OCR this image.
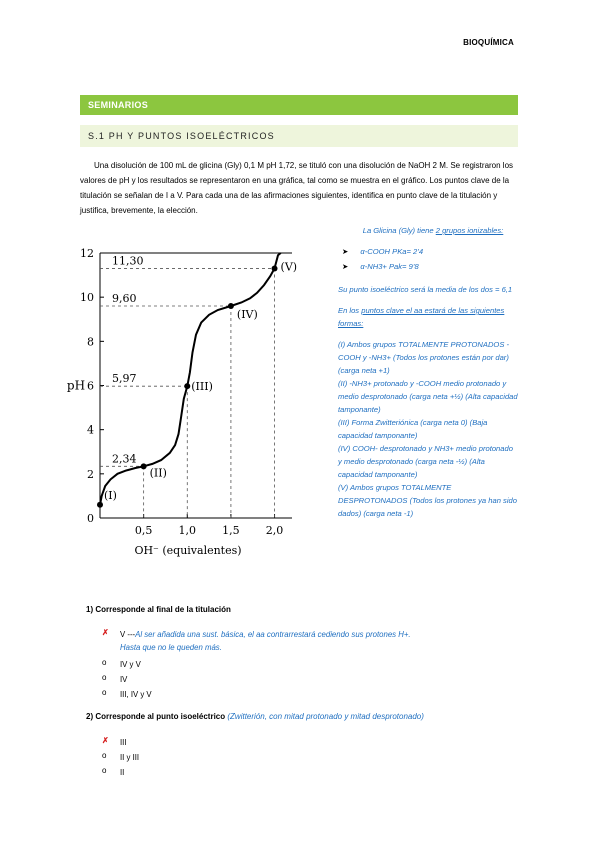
BIOQUÍMICA
SEMINARIOS
S.1 PH Y PUNTOS ISOELÉCTRICOS
Una disolución de 100 mL de glicina (Gly) 0,1 M pH 1,72, se tituló con una disolución de NaOH 2 M. Se registraron los valores de pH y los resultados se representaron en una gráfica, tal como se muestra en el gráfico. Los puntos clave de la titulación se señalan de I a V. Para cada una de las afirmaciones siguientes, identifica en punto clave de la titulación y justifica, brevemente, la elección.
0
2
4
6
8
10
12
0,5 1,0 1,5 2,0
pH
OH⁻ (equivalentes)
11,30
9,60
5,97
2,34
(I)
(II)
(III)
(IV)
(V)

La Glicina (Gly) tiene 2 grupos ionizables:

➤ α-COOH PKa= 2’4
➤ α-NH3+ Pak= 9’8

Su punto isoeléctrico será la media de los dos = 6,1

En los puntos clave el aa estará de las siguientes formas:

(I) Ambos grupos TOTALMENTE PROTONADOS -COOH y -NH3+ (Todos los protones están por dar) (carga neta +1)
(II) -NH3+ protonado y -COOH medio protonado y medio desprotonado (carga neta +½) (Alta capacidad tamponante)
(III) Forma Zwitteriónica (carga neta 0) (Baja capacidad tamponante)
(IV) COOH- desprotonado y NH3+ medio protonado y medio desprotonado (carga neta -½) (Alta capacidad tamponante)
(V) Ambos grupos TOTALMENTE DESPROTONADOS (Todos los protones ya han sido dados) (carga neta -1)
1) Corresponde al final de la titulación
✗	V ---Al ser añadida una sust. básica, el aa contrarrestará cediendo sus protones H+. Hasta que no le queden más.
o	IV y V
o	IV
o	III, IV y V
2) Corresponde al punto isoeléctrico (Zwitterión, con mitad protonado y mitad desprotonado)
✗	III
o	II y III
o	II
